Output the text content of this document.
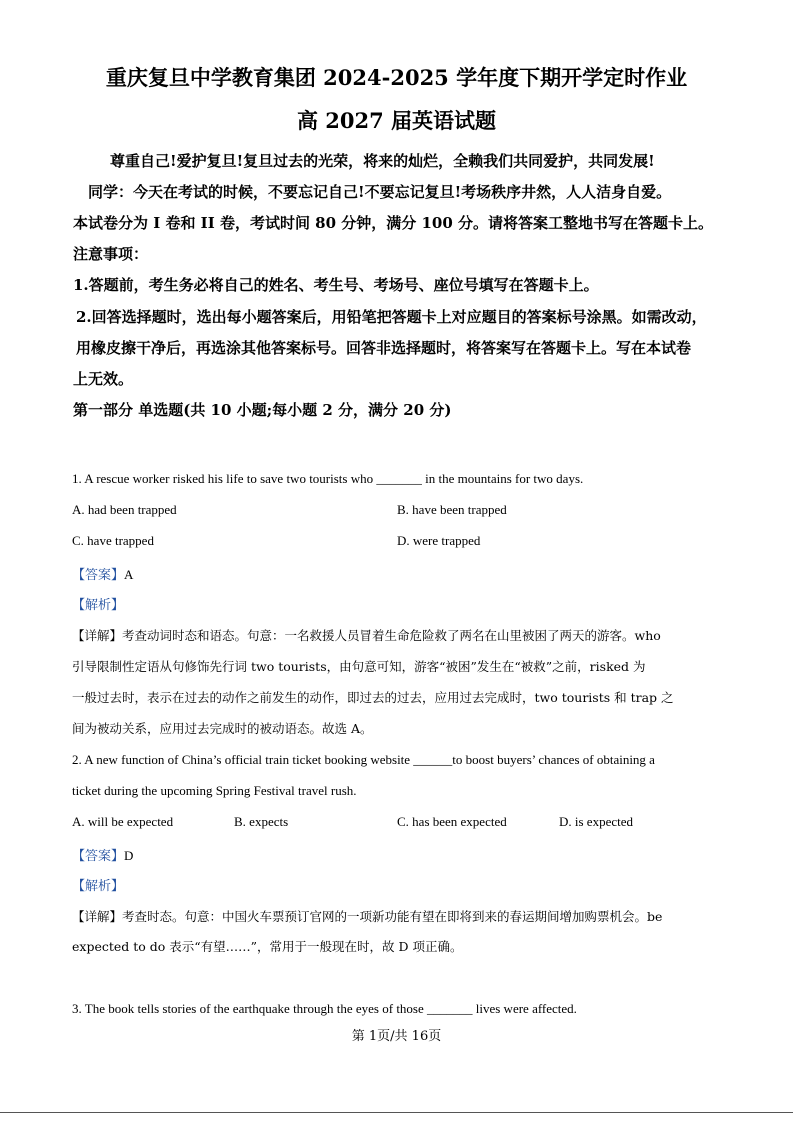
重庆复旦中学教育集团 2024-2025 学年度下期开学定时作业
高 2027 届英语试题
尊重自己!爱护复旦!复旦过去的光荣，将来的灿烂，全赖我们共同爱护，共同发展!
同学：今天在考试的时候，不要忘记自己!不要忘记复旦!考场秩序井然，人人洁身自爱。
本试卷分为 I 卷和 II 卷，考试时间 80 分钟，满分 100 分。请将答案工整地书写在答题卡上。
注意事项：
1.答题前，考生务必将自己的姓名、考生号、考场号、座位号填写在答题卡上。
2.回答选择题时，选出每小题答案后，用铅笔把答题卡上对应题目的答案标号涂黑。如需改动，
用橡皮擦干净后，再选涂其他答案标号。回答非选择题时，将答案写在答题卡上。写在本试卷
上无效。
第一部分 单选题(共 10 小题;每小题 2 分，满分 20 分)
1. A rescue worker risked his life to save two tourists who _______ in the mountains for two days.
A. had been trapped	B. have been trapped
C. have trapped	D. were trapped
【答案】A
【解析】
【详解】考查动词时态和语态。句意：一名救援人员冒着生命危险救了两名在山里被困了两天的游客。who
引导限制性定语从句修饰先行词 two tourists，由句意可知，游客“被困”发生在“被救”之前，risked 为
一般过去时，表示在过去的动作之前发生的动作，即过去的过去，应用过去完成时，two tourists 和 trap 之
间为被动关系，应用过去完成时的被动语态。故选 A。
2. A new function of China’s official train ticket booking website ______to boost buyers’ chances of obtaining a
ticket during the upcoming Spring Festival travel rush.
A. will be expected	B. expects	C. has been expected	D. is expected
【答案】D
【解析】
【详解】考查时态。句意：中国火车票预订官网的一项新功能有望在即将到来的春运期间增加购票机会。be
expected to do 表示“有望……”，常用于一般现在时，故 D 项正确。
3. The book tells stories of the earthquake through the eyes of those _______ lives were affected.
第 1页/共 16页
